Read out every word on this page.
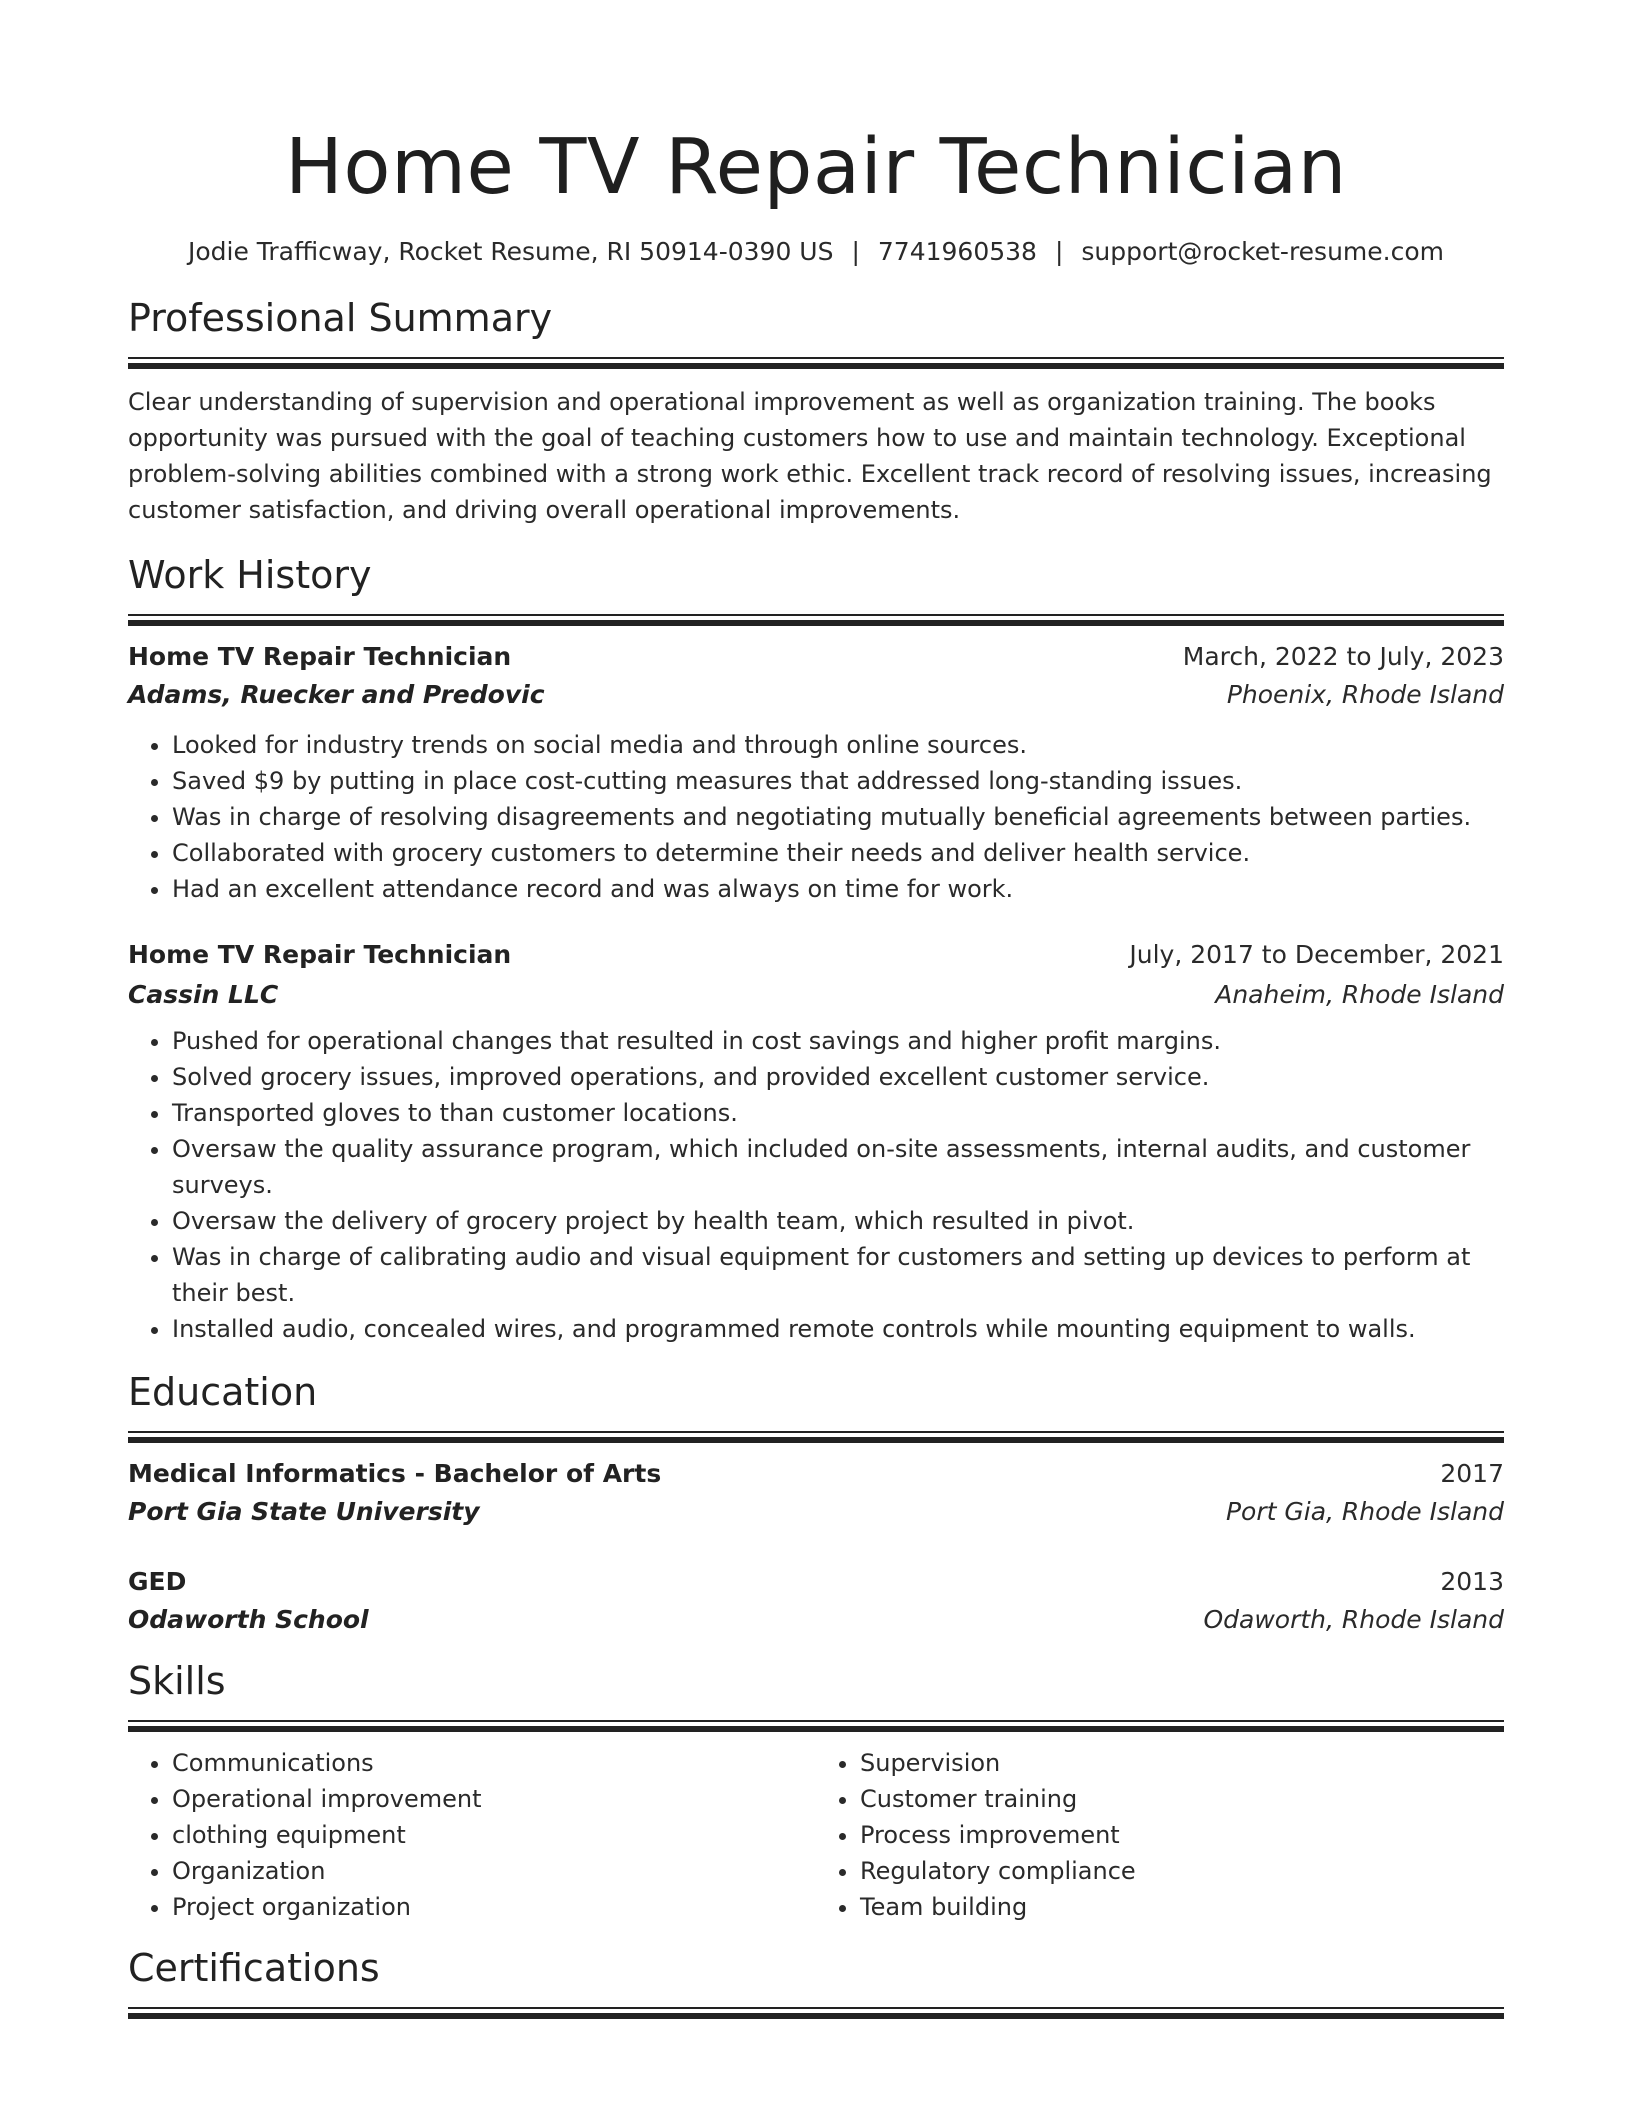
Home TV Repair Technician
Jodie Trafficway, Rocket Resume, RI 50914-0390 US | 7741960538 | support@rocket-resume.com
Professional Summary

Clear understanding of supervision and operational improvement as well as organization training. The books opportunity was pursued with the goal of teaching customers how to use and maintain technology. Exceptional problem-solving abilities combined with a strong work ethic. Excellent track record of resolving issues, increasing customer satisfaction, and driving overall operational improvements.

Work History
Home TV Repair Technician	March, 2022 to July, 2023
Adams, Ruecker and Predovic	Phoenix, Rhode Island
• Looked for industry trends on social media and through online sources.
• Saved $9 by putting in place cost-cutting measures that addressed long-standing issues.
• Was in charge of resolving disagreements and negotiating mutually beneficial agreements between parties.
• Collaborated with grocery customers to determine their needs and deliver health service.
• Had an excellent attendance record and was always on time for work.
Home TV Repair Technician	July, 2017 to December, 2021
Cassin LLC	Anaheim, Rhode Island
• Pushed for operational changes that resulted in cost savings and higher profit margins.
• Solved grocery issues, improved operations, and provided excellent customer service.
• Transported gloves to than customer locations.
• Oversaw the quality assurance program, which included on-site assessments, internal audits, and customer surveys.
• Oversaw the delivery of grocery project by health team, which resulted in pivot.
• Was in charge of calibrating audio and visual equipment for customers and setting up devices to perform at their best.
• Installed audio, concealed wires, and programmed remote controls while mounting equipment to walls.
Education
Medical Informatics - Bachelor of Arts	2017
Port Gia State University	Port Gia, Rhode Island
GED	2013
Odaworth School	Odaworth, Rhode Island
Skills
• Communications
• Operational improvement
• clothing equipment
• Organization
• Project organization
• Supervision
• Customer training
• Process improvement
• Regulatory compliance
• Team building
Certifications
